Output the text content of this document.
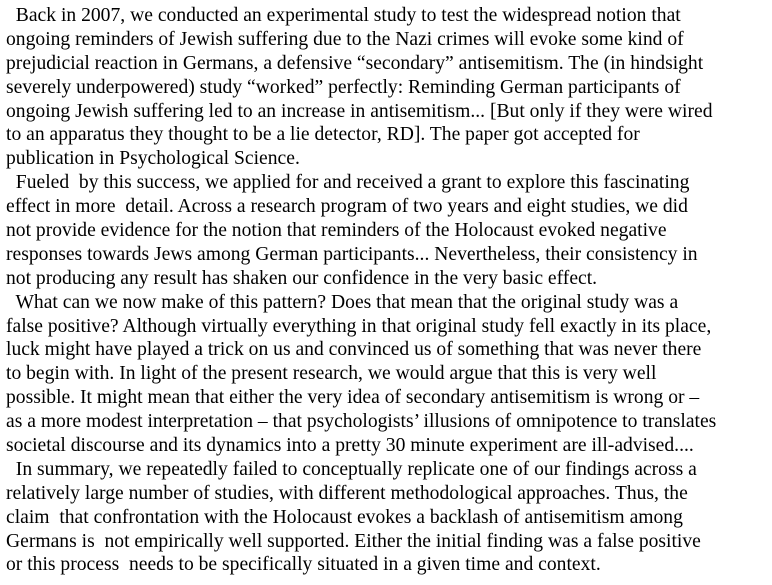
Back in 2007, we conducted an experimental study to test the widespread notion that
ongoing reminders of Jewish suffering due to the Nazi crimes will evoke some kind of
prejudicial reaction in Germans, a defensive “secondary” antisemitism. The (in hindsight
severely underpowered) study “worked” perfectly: Reminding German participants of
ongoing Jewish suffering led to an increase in antisemitism... [But only if they were wired
to an apparatus they thought to be a lie detector, RD]. The paper got accepted for
publication in Psychological Science.
Fueled  by this success, we applied for and received a grant to explore this fascinating
effect in more  detail. Across a research program of two years and eight studies, we did
not provide evidence for the notion that reminders of the Holocaust evoked negative
responses towards Jews among German participants... Nevertheless, their consistency in
not producing any result has shaken our confidence in the very basic effect.
What can we now make of this pattern? Does that mean that the original study was a
false positive? Although virtually everything in that original study fell exactly in its place,
luck might have played a trick on us and convinced us of something that was never there
to begin with. In light of the present research, we would argue that this is very well
possible. It might mean that either the very idea of secondary antisemitism is wrong or –
as a more modest interpretation – that psychologists’ illusions of omnipotence to translates
societal discourse and its dynamics into a pretty 30 minute experiment are ill-advised....
In summary, we repeatedly failed to conceptually replicate one of our findings across a
relatively large number of studies, with different methodological approaches. Thus, the
claim  that confrontation with the Holocaust evokes a backlash of antisemitism among
Germans is  not empirically well supported. Either the initial finding was a false positive
or this process  needs to be specifically situated in a given time and context.
